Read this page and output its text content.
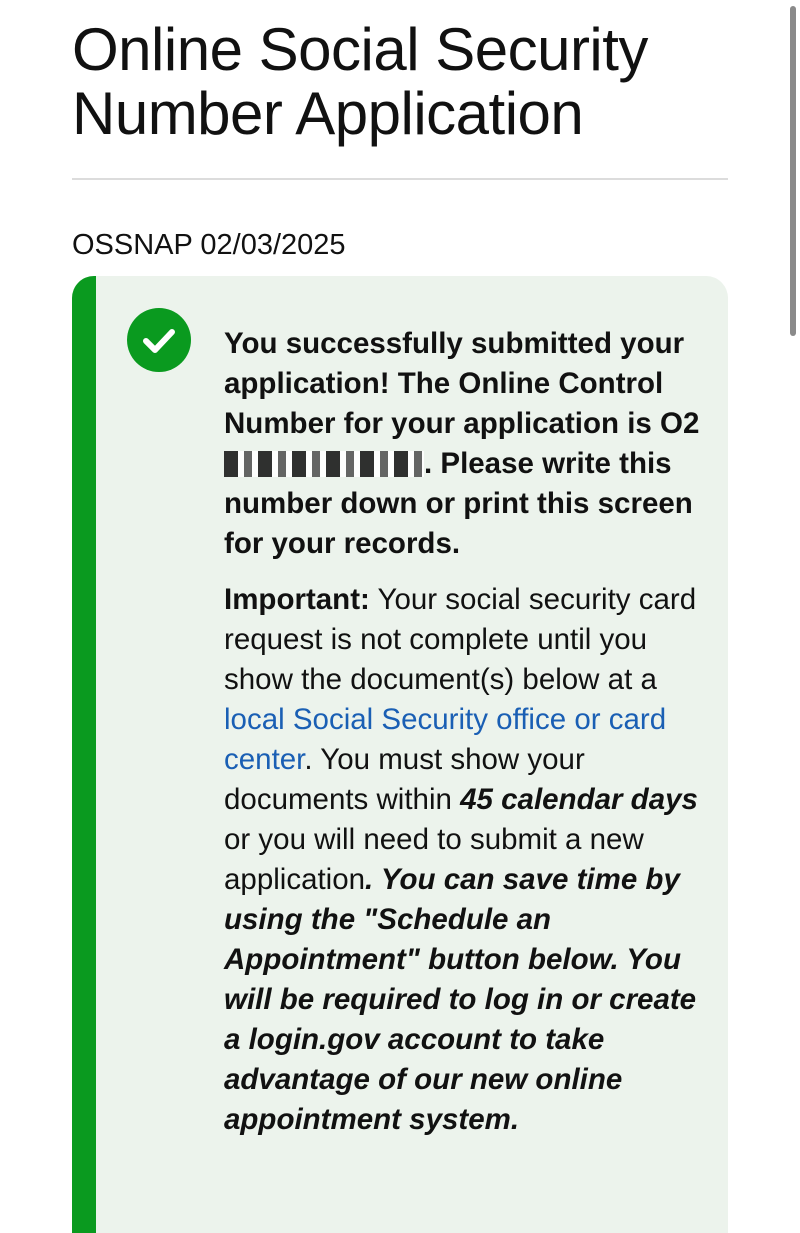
Online Social Security Number Application

OSSNAP 02/03/2025

You successfully submitted your application! The Online Control Number for your application is O2. Please write this number down or print this screen for your records.

Important: Your social security card request is not complete until you show the document(s) below at a local Social Security office or card center. You must show your documents within 45 calendar days or you will need to submit a new application. You can save time by using the "Schedule an Appointment" button below. You will be required to log in or create a login.gov account to take advantage of our new online appointment system.
